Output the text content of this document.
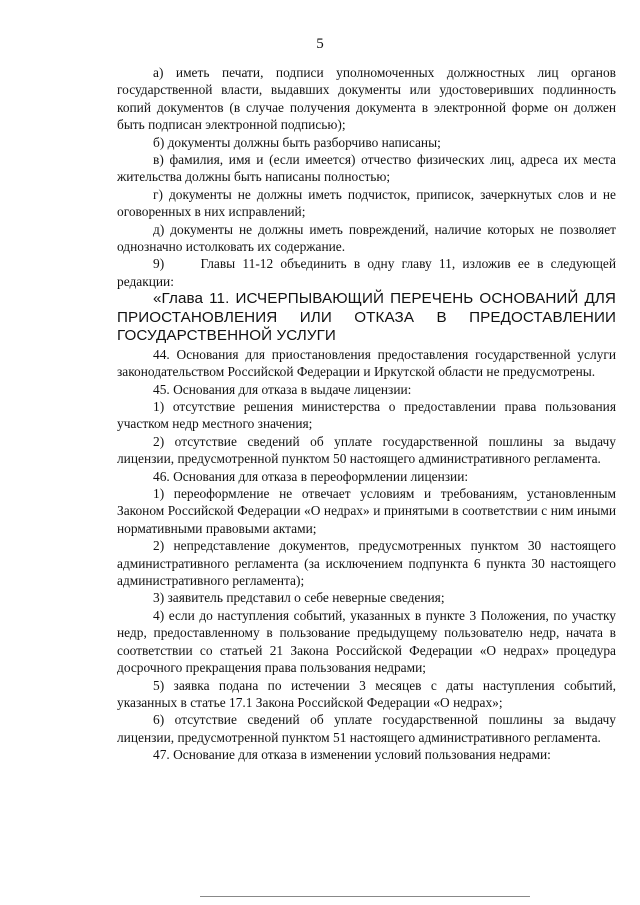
5

а) иметь печати, подписи уполномоченных должностных лиц органов государственной власти, выдавших документы или удостоверивших подлинность копий документов (в случае получения документа в электронной форме он должен быть подписан электронной подписью);

б) документы должны быть разборчиво написаны;

в) фамилия, имя и (если имеется) отчество физических лиц, адреса их места жительства должны быть написаны полностью;

г) документы не должны иметь подчисток, приписок, зачеркнутых слов и не оговоренных в них исправлений;

д) документы не должны иметь повреждений, наличие которых не позволяет однозначно истолковать их содержание.

9)     Главы 11-12 объединить в одну главу 11, изложив ее в следующей редакции:

«Глава 11. ИСЧЕРПЫВАЮЩИЙ ПЕРЕЧЕНЬ ОСНОВАНИЙ ДЛЯ ПРИОСТАНОВЛЕНИЯ ИЛИ ОТКАЗА В ПРЕДОСТАВЛЕНИИ ГОСУДАРСТВЕННОЙ УСЛУГИ

44. Основания для приостановления предоставления государственной услуги законодательством Российской Федерации и Иркутской области не предусмотрены.

45. Основания для отказа в выдаче лицензии:

1) отсутствие решения министерства о предоставлении права пользования участком недр местного значения;

2) отсутствие сведений об уплате государственной пошлины за выдачу лицензии, предусмотренной пунктом 50 настоящего административного регламента.

46. Основания для отказа в переоформлении лицензии:

1) переоформление не отвечает условиям и требованиям, установленным Законом Российской Федерации «О недрах» и принятыми в соответствии с ним иными нормативными правовыми актами;

2) непредставление документов, предусмотренных пунктом 30 настоящего административного регламента (за исключением подпункта 6 пункта 30 настоящего административного регламента);

3) заявитель представил о себе неверные сведения;

4) если до наступления событий, указанных в пункте 3 Положения, по участку недр, предоставленному в пользование предыдущему пользователю недр, начата в соответствии со статьей 21 Закона Российской Федерации «О недрах» процедура досрочного прекращения права пользования недрами;

5) заявка подана по истечении 3 месяцев с даты наступления событий, указанных в статье 17.1 Закона Российской Федерации «О недрах»;

6) отсутствие сведений об уплате государственной пошлины за выдачу лицензии, предусмотренной пунктом 51 настоящего административного регламента.

47. Основание для отказа в изменении условий пользования недрами:
